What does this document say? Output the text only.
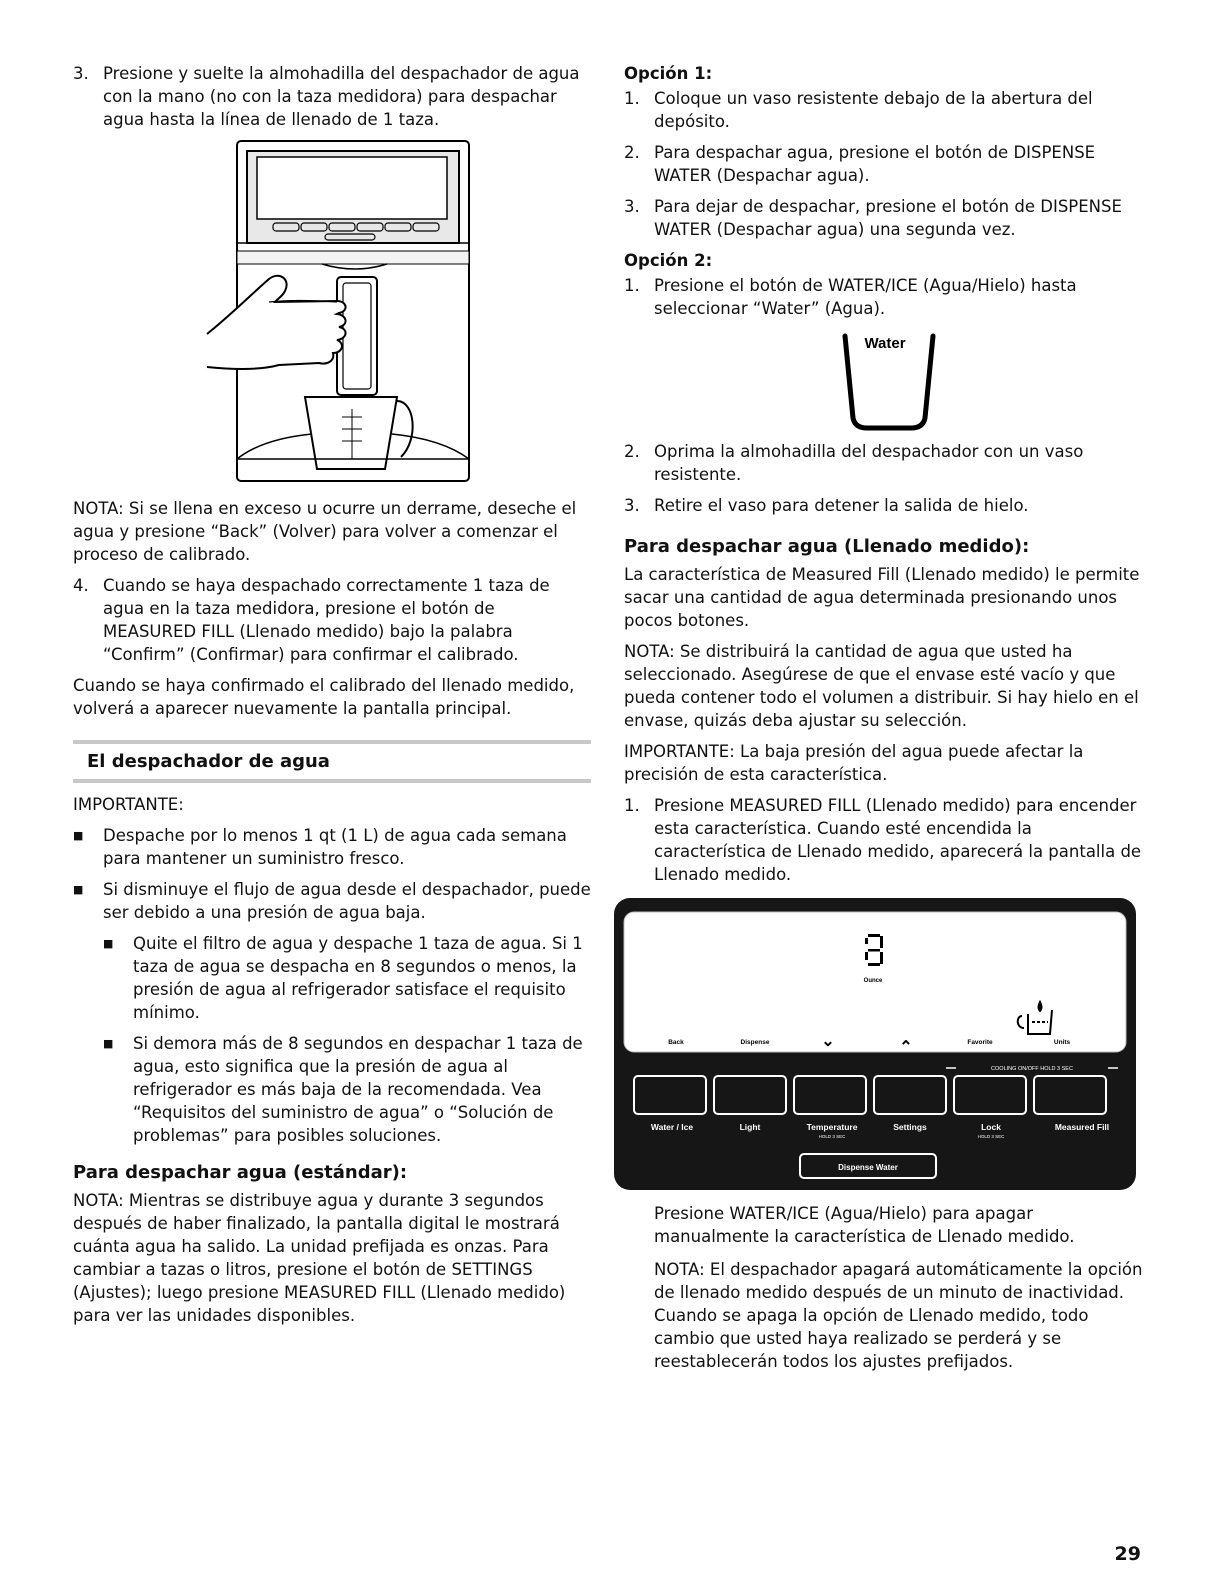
3. Presione y suelte la almohadilla del despachador de agua con la mano (no con la taza medidora) para despachar agua hasta la línea de llenado de 1 taza.

NOTA: Si se llena en exceso u ocurre un derrame, deseche el agua y presione “Back” (Volver) para volver a comenzar el proceso de calibrado.

4. Cuando se haya despachado correctamente 1 taza de agua en la taza medidora, presione el botón de MEASURED FILL (Llenado medido) bajo la palabra “Confirm” (Confirmar) para confirmar el calibrado.

Cuando se haya confirmado el calibrado del llenado medido, volverá a aparecer nuevamente la pantalla principal.

El despachador de agua

IMPORTANTE:

■	Despache por lo menos 1 qt (1 L) de agua cada semana para mantener un suministro fresco.
■	Si disminuye el flujo de agua desde el despachador, puede ser debido a una presión de agua baja.
■	Quite el filtro de agua y despache 1 taza de agua. Si 1 taza de agua se despacha en 8 segundos o menos, la presión de agua al refrigerador satisface el requisito mínimo.
■	Si demora más de 8 segundos en despachar 1 taza de agua, esto significa que la presión de agua al refrigerador es más baja de la recomendada. Vea “Requisitos del suministro de agua” o “Solución de problemas” para posibles soluciones.
Para despachar agua (estándar):

NOTA: Mientras se distribuye agua y durante 3 segundos después de haber finalizado, la pantalla digital le mostrará cuánta agua ha salido. La unidad prefijada es onzas. Para cambiar a tazas o litros, presione el botón de SETTINGS (Ajustes); luego presione MEASURED FILL (Llenado medido) para ver las unidades disponibles.

Opción 1:

1. Coloque un vaso resistente debajo de la abertura del depósito.
2. Para despachar agua, presione el botón de DISPENSE WATER (Despachar agua).
3. Para dejar de despachar, presione el botón de DISPENSE WATER (Despachar agua) una segunda vez.

Opción 2:

1. Presione el botón de WATER/ICE (Agua/Hielo) hasta seleccionar “Water” (Agua).
Water
2. Oprima la almohadilla del despachador con un vaso resistente.
3. Retire el vaso para detener la salida de hielo.
Para despachar agua (Llenado medido):

La característica de Measured Fill (Llenado medido) le permite sacar una cantidad de agua determinada presionando unos pocos botones.

NOTA: Se distribuirá la cantidad de agua que usted ha seleccionado. Asegúrese de que el envase esté vacío y que pueda contener todo el volumen a distribuir. Si hay hielo en el envase, quizás deba ajustar su selección.

IMPORTANTE: La baja presión del agua puede afectar la precisión de esta característica.

1. Presione MEASURED FILL (Llenado medido) para encender esta característica. Cuando esté encendida la característica de Llenado medido, aparecerá la pantalla de Llenado medido.
Ounce
Back	Dispense	⌄	⌃	Favorite	Units
COOLING ON/OFF HOLD 3 SEC
Water / Ice	Light	Temperature	Settings	Lock	Measured Fill
Dispense Water
HOLD 3 SEC	HOLD 3 SEC

Presione WATER/ICE (Agua/Hielo) para apagar manualmente la característica de Llenado medido.

NOTA: El despachador apagará automáticamente la opción de llenado medido después de un minuto de inactividad. Cuando se apaga la opción de Llenado medido, todo cambio que usted haya realizado se perderá y se reestablecerán todos los ajustes prefijados.

29
